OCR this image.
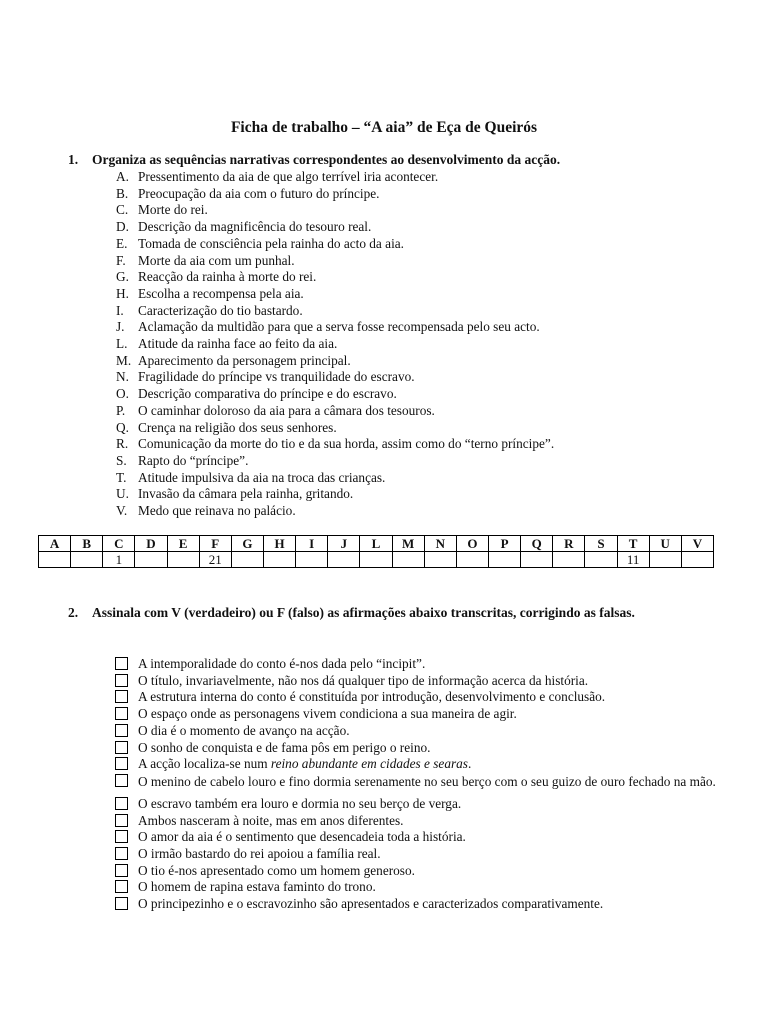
Ficha de trabalho – “A aia” de Eça de Queirós
1. Organiza as sequências narrativas correspondentes ao desenvolvimento da acção.
A. Pressentimento da aia de que algo terrível iria acontecer.
B. Preocupação da aia com o futuro do príncipe.
C. Morte do rei.
D. Descrição da magnificência do tesouro real.
E. Tomada de consciência pela rainha do acto da aia.
F. Morte da aia com um punhal.
G. Reacção da rainha à morte do rei.
H. Escolha a recompensa pela aia.
I.	Caracterização do tio bastardo.
J.	Aclamação da multidão para que a serva fosse recompensada pelo seu acto.
L. Atitude da rainha face ao feito da aia.
M. Aparecimento da personagem principal.
N. Fragilidade do príncipe vs tranquilidade do escravo.
O. Descrição comparativa do príncipe e do escravo.
P. O caminhar doloroso da aia para a câmara dos tesouros.
Q. Crença na religião dos seus senhores.
R. Comunicação da morte do tio e da sua horda, assim como do “terno príncipe”.
S. Rapto do “príncipe”.
T. Atitude impulsiva da aia na troca das crianças.
U. Invasão da câmara pela rainha, gritando.
V. Medo que reinava no palácio.
A	B	C	D	E	F	G	H	I	J	L	M	N	O	P	Q	R	S	T	U	V
		1			21													11		
2.	Assinala com V (verdadeiro) ou F (falso) as afirmações abaixo transcritas, corrigindo as falsas.
A intemporalidade do conto é-nos dada pelo “incipit”.
O título, invariavelmente, não nos dá qualquer tipo de informação acerca da história.
A estrutura interna do conto é constituída por introdução, desenvolvimento e conclusão.
O espaço onde as personagens vivem condiciona a sua maneira de agir.
O dia é o momento de avanço na acção.
O sonho de conquista e de fama pôs em perigo o reino.
A acção localiza-se num reino abundante em cidades e searas.
O menino de cabelo louro e fino dormia serenamente no seu berço com o seu guizo de ouro fechado na mão.
O escravo também era louro e dormia no seu berço de verga.
Ambos nasceram à noite, mas em anos diferentes.
O amor da aia é o sentimento que desencadeia toda a história.
O irmão bastardo do rei apoiou a família real.
O tio é-nos apresentado como um homem generoso.
O homem de rapina estava faminto do trono.
O principezinho e o escravozinho são apresentados e caracterizados comparativamente.
